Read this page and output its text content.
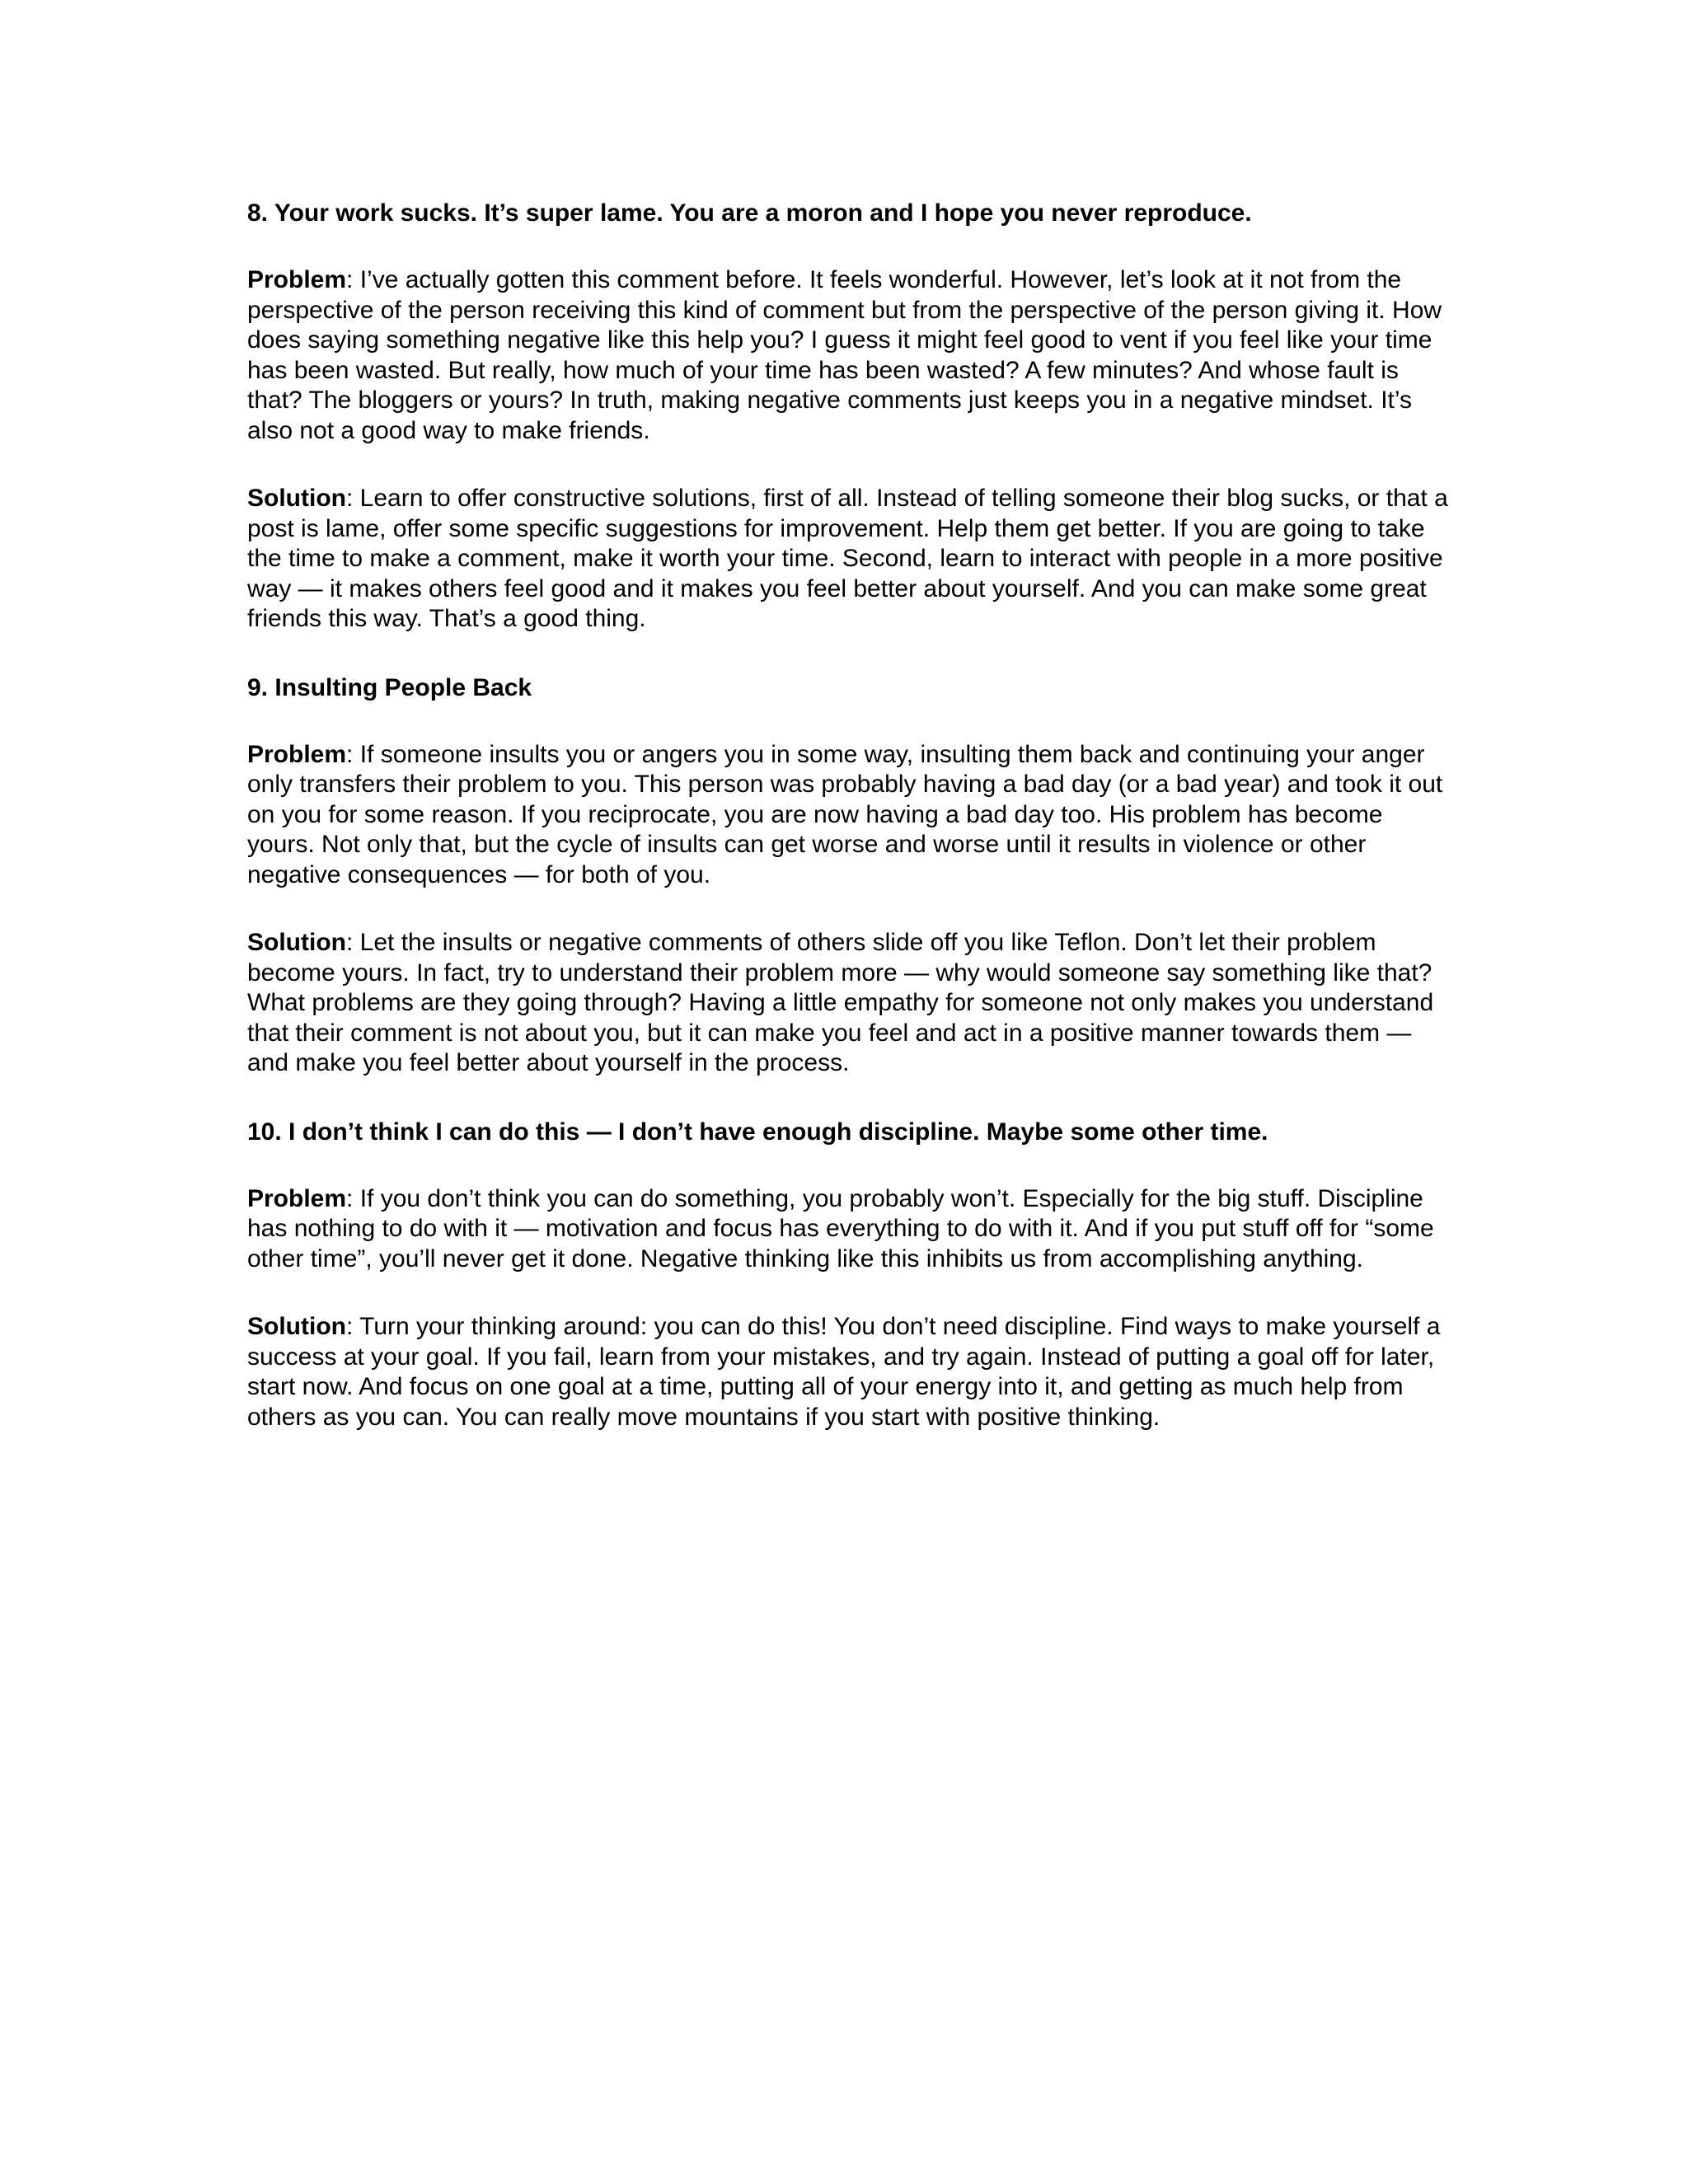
8. Your work sucks. It’s super lame. You are a moron and I hope you never reproduce.
Problem: I’ve actually gotten this comment before. It feels wonderful. However, let’s look at it not from the perspective of the person receiving this kind of comment but from the perspective of the person giving it. How does saying something negative like this help you? I guess it might feel good to vent if you feel like your time has been wasted. But really, how much of your time has been wasted? A few minutes? And whose fault is that? The bloggers or yours? In truth, making negative comments just keeps you in a negative mindset. It’s also not a good way to make friends.
Solution: Learn to offer constructive solutions, first of all. Instead of telling someone their blog sucks, or that a post is lame, offer some specific suggestions for improvement. Help them get better. If you are going to take the time to make a comment, make it worth your time. Second, learn to interact with people in a more positive way — it makes others feel good and it makes you feel better about yourself. And you can make some great friends this way. That’s a good thing.
9. Insulting People Back
Problem: If someone insults you or angers you in some way, insulting them back and continuing your anger only transfers their problem to you. This person was probably having a bad day (or a bad year) and took it out on you for some reason. If you reciprocate, you are now having a bad day too. His problem has become yours. Not only that, but the cycle of insults can get worse and worse until it results in violence or other negative consequences — for both of you.
Solution: Let the insults or negative comments of others slide off you like Teflon. Don’t let their problem become yours. In fact, try to understand their problem more — why would someone say something like that? What problems are they going through? Having a little empathy for someone not only makes you understand that their comment is not about you, but it can make you feel and act in a positive manner towards them — and make you feel better about yourself in the process.
10. I don’t think I can do this — I don’t have enough discipline. Maybe some other time.
Problem: If you don’t think you can do something, you probably won’t. Especially for the big stuff. Discipline has nothing to do with it — motivation and focus has everything to do with it. And if you put stuff off for “some other time”, you’ll never get it done. Negative thinking like this inhibits us from accomplishing anything.
Solution: Turn your thinking around: you can do this! You don’t need discipline. Find ways to make yourself a success at your goal. If you fail, learn from your mistakes, and try again. Instead of putting a goal off for later, start now. And focus on one goal at a time, putting all of your energy into it, and getting as much help from others as you can. You can really move mountains if you start with positive thinking.
